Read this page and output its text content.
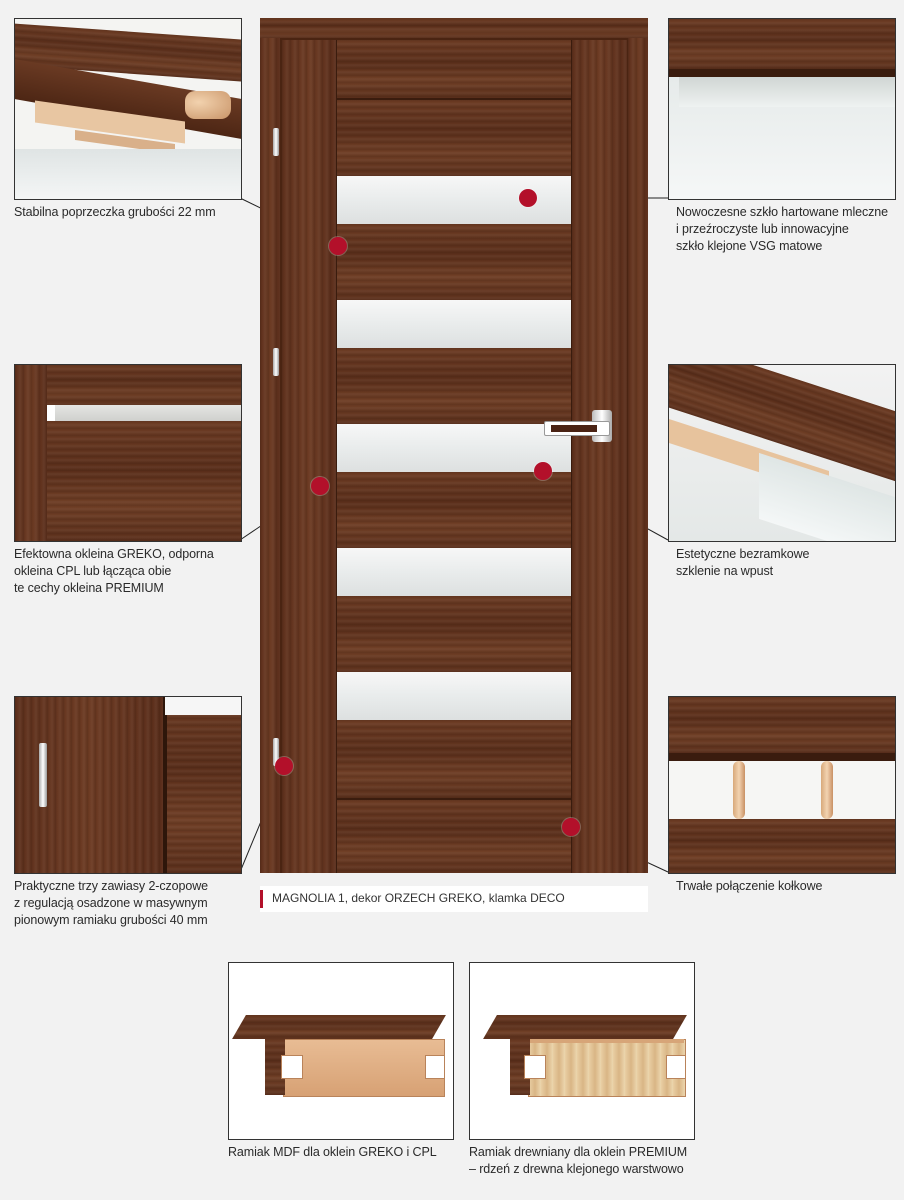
MAGNOLIA 1, dekor ORZECH GREKO, klamka DECO
Stabilna poprzeczka grubości 22 mm	Nowoczesne szkło hartowane mleczne
i przeźroczyste lub innowacyjne
szkło klejone VSG matowe
Efektowna okleina GREKO, odporna
okleina CPL lub łącząca obie
te cechy okleina PREMIUM
Estetyczne bezramkowe
szklenie na wpust
Praktyczne trzy zawiasy 2-czopowe
z regulacją osadzone w masywnym
pionowym ramiaku grubości 40 mm
Trwałe połączenie kołkowe
Ramiak MDF dla oklein GREKO i CPL	Ramiak drewniany dla oklein PREMIUM
– rdzeń z drewna klejonego warstwowo
